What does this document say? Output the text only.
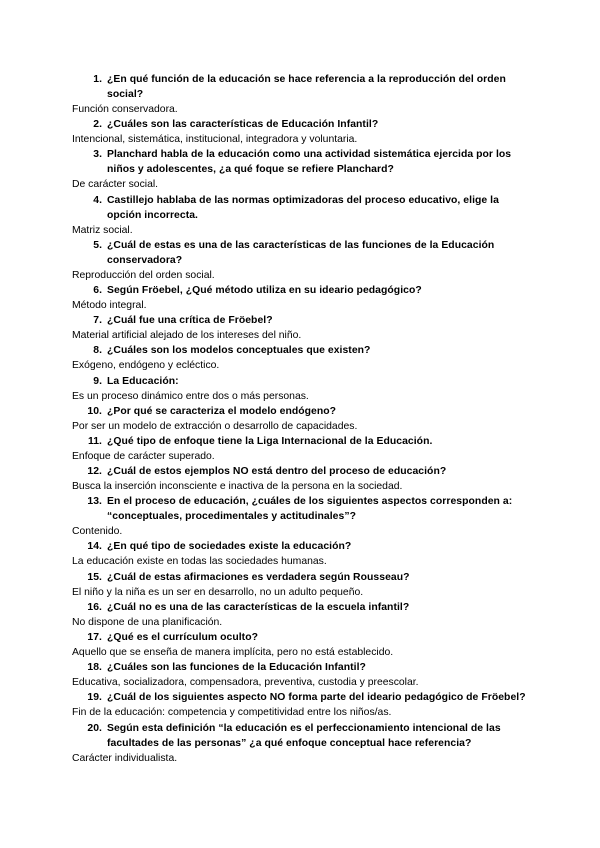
1. ¿En qué función de la educación se hace referencia a la reproducción del orden social?
Función conservadora.
2. ¿Cuáles son las características de Educación Infantil?
Intencional, sistemática, institucional, integradora y voluntaria.
3. Planchard habla de la educación como una actividad sistemática ejercida por los niños y adolescentes, ¿a qué foque se refiere Planchard?
De carácter social.
4. Castillejo hablaba de las normas optimizadoras del proceso educativo, elige la opción incorrecta.
Matriz social.
5. ¿Cuál de estas es una de las características de las funciones de la Educación conservadora?
Reproducción del orden social.
6. Según Fröebel, ¿Qué método utiliza en su ideario pedagógico?
Método integral.
7. ¿Cuál fue una crítica de Fröebel?
Material artificial alejado de los intereses del niño.
8. ¿Cuáles son los modelos conceptuales que existen?
Exógeno, endógeno y ecléctico.
9. La Educación:
Es un proceso dinámico entre dos o más personas.
10. ¿Por qué se caracteriza el modelo endógeno?
Por ser un modelo de extracción o desarrollo de capacidades.
11. ¿Qué tipo de enfoque tiene la Liga Internacional de la Educación.
Enfoque de carácter superado.
12. ¿Cuál de estos ejemplos NO está dentro del proceso de educación?
Busca la inserción inconsciente e inactiva de la persona en la sociedad.
13. En el proceso de educación, ¿cuáles de los siguientes aspectos corresponden a: “conceptuales, procedimentales y actitudinales”?
Contenido.
14. ¿En qué tipo de sociedades existe la educación?
La educación existe en todas las sociedades humanas.
15. ¿Cuál de estas afirmaciones es verdadera según Rousseau?
El niño y la niña es un ser en desarrollo, no un adulto pequeño.
16. ¿Cuál no es una de las características de la escuela infantil?
No dispone de una planificación.
17. ¿Qué es el currículum oculto?
Aquello que se enseña de manera implícita, pero no está establecido.
18. ¿Cuáles son las funciones de la Educación Infantil?
Educativa, socializadora, compensadora, preventiva, custodia y preescolar.
19. ¿Cuál de los siguientes aspecto NO forma parte del ideario pedagógico de Fröebel?
Fin de la educación: competencia y competitividad entre los niños/as.
20. Según esta definición “la educación es el perfeccionamiento intencional de las facultades de las personas” ¿a qué enfoque conceptual hace referencia?
Carácter individualista.
